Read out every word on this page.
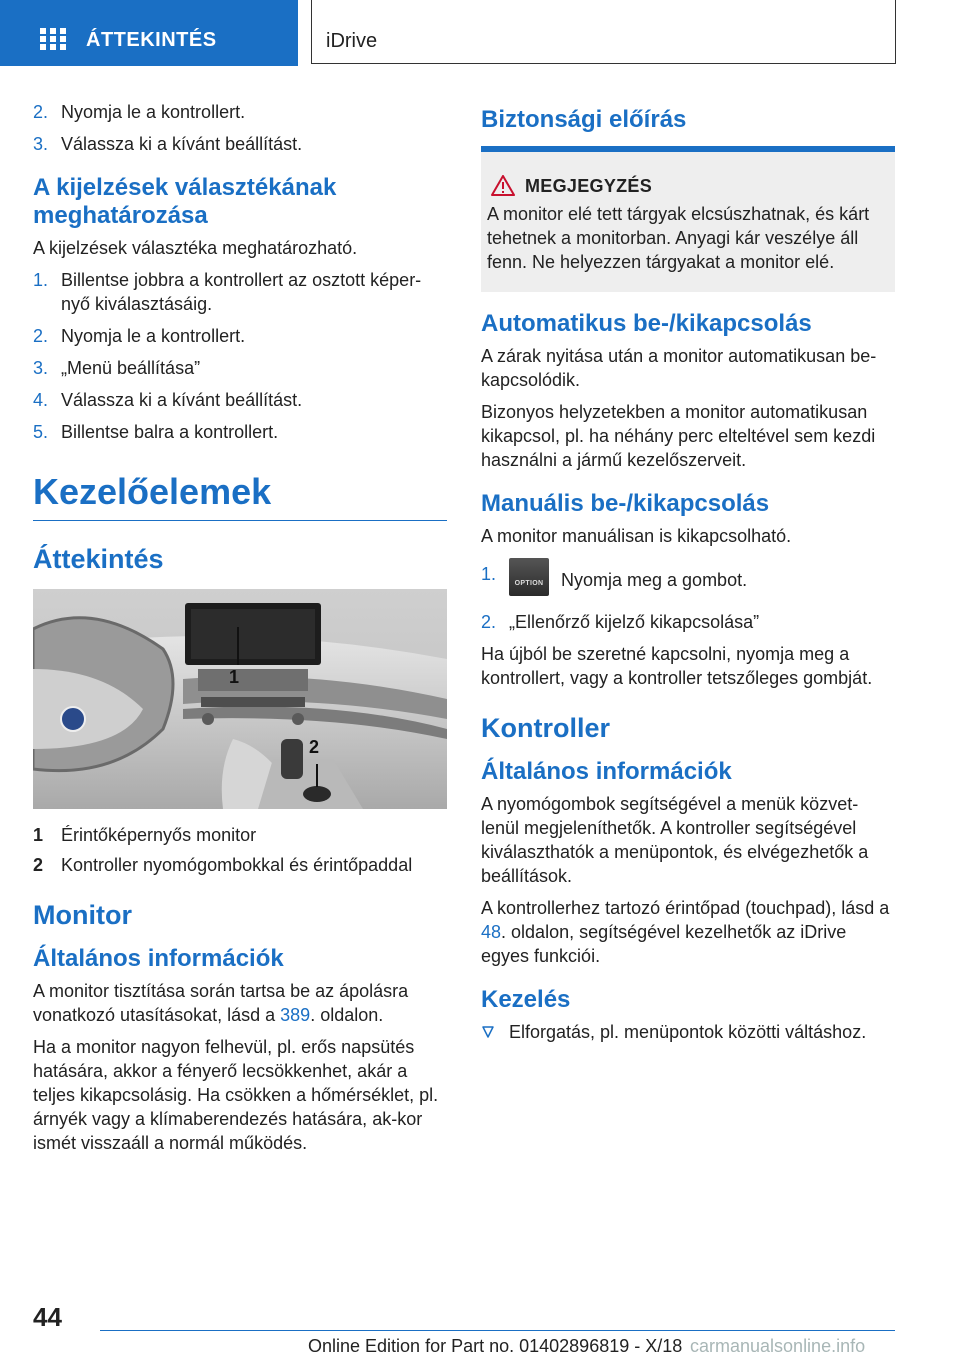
ÁTTEKINTÉS	iDrive
2. Nyomja le a kontrollert.
3. Válassza ki a kívánt beállítást.
A kijelzések választékának meghatározása

A kijelzések választéka meghatározható.

1. Billentse jobbra a kontrollert az osztott képer-nyő kiválasztásáig.
2. Nyomja le a kontrollert.
3. „Menü beállítása”
4. Válassza ki a kívánt beállítást.
5. Billentse balra a kontrollert.
Kezelőelemek
Áttekintés
1
2
1 Érintőképernyős monitor
2 Kontroller nyomógombokkal és érintőpaddal
Monitor
Általános információk

A monitor tisztítása során tartsa be az ápolásra vonatkozó utasításokat, lásd a 389. oldalon.

Ha a monitor nagyon felhevül, pl. erős napsütés hatására, akkor a fényerő lecsökkenhet, akár a teljes kikapcsolásig. Ha csökken a hőmérséklet, pl. árnyék vagy a klímaberendezés hatására, ak-kor ismét visszaáll a normál működés.

Biztonsági előírás
MEGJEGYZÉS

A monitor elé tett tárgyak elcsúszhatnak, és kárt tehetnek a monitorban. Anyagi kár veszélye áll fenn. Ne helyezzen tárgyakat a monitor elé.

Automatikus be-/kikapcsolás

A zárak nyitása után a monitor automatikusan be-kapcsolódik.

Bizonyos helyzetekben a monitor automatikusan kikapcsol, pl. ha néhány perc elteltével sem kezdi használni a jármű kezelőszerveit.

Manuális be-/kikapcsolás

A monitor manuálisan is kikapcsolható.

1.	OPTION Nyomja meg a gombot.
2. „Ellenőrző kijelző kikapcsolása”

Ha újból be szeretné kapcsolni, nyomja meg a kontrollert, vagy a kontroller tetszőleges gombját.

Kontroller
Általános információk

A nyomógombok segítségével a menük közvet-lenül megjeleníthetők. A kontroller segítségével kiválaszthatók a menüpontok, és elvégezhetők a beállítások.

A kontrollerhez tartozó érintőpad (touchpad), lásd a 48. oldalon, segítségével kezelhetők az iDrive egyes funkciói.

Kezelés
Elforgatás, pl. menüpontok közötti váltáshoz.
44
Online Edition for Part no. 01402896819 - X/18 carmanualsonline.info
